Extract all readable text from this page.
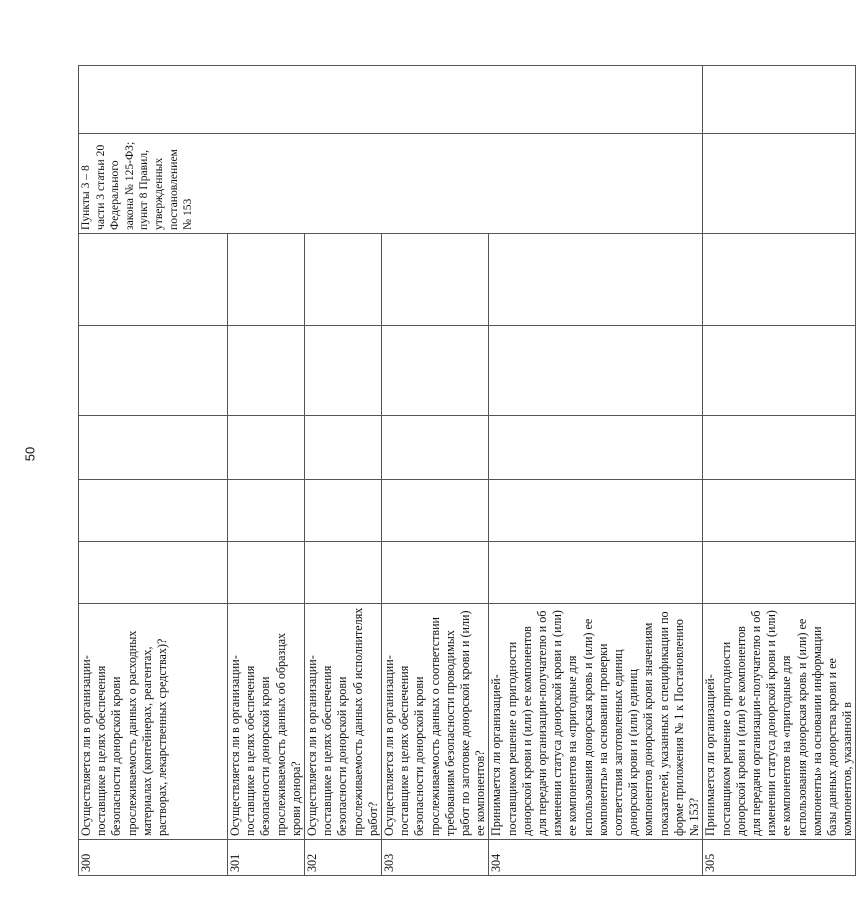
50
300	Осуществляется ли в организации-поставщике в целях обеспечения безопасности донорской крови прослеживаемость данных о расходных материалах (контейнерах, реагентах, растворах, лекарственных средствах)?						Пункты 3 – 8 части 3 статьи 20 Федерального закона № 125-ФЗ; пункт 8 Правил, утвержденных постановлением № 153	
301	Осуществляется ли в организации-поставщике в целях обеспечения безопасности донорской крови прослеживаемость данных об образцах крови донора?							
302	Осуществляется ли в организации-поставщике в целях обеспечения безопасности донорской крови прослеживаемость данных об исполнителях работ?							
303	Осуществляется ли в организации-поставщике в целях обеспечения безопасности донорской крови прослеживаемость данных о соответствии требованиям безопасности проводимых работ по заготовке донорской крови и (или) ее компонентов?							
304	Принимается ли организацией-поставщиком решение о пригодности донорской крови и (или) ее компонентов для передачи организации-получателю и об изменении статуса донорской крови и (или) ее компонентов на «пригодные для использования донорская кровь и (или) ее компоненты» на основании проверки соответствия заготовленных единиц донорской крови и (или) единиц компонентов донорской крови значениям показателей, указанных в спецификации по форме приложения № 1 к Постановлению № 153?							
305	Принимается ли организацией-поставщиком решение о пригодности донорской крови и (или) ее компонентов для передачи организации-получателю и об изменении статуса донорской крови и (или) ее компонентов на «пригодные для использования донорская кровь и (или) ее компоненты» на основании информации базы данных донорства крови и ее компонентов, указанной в							
